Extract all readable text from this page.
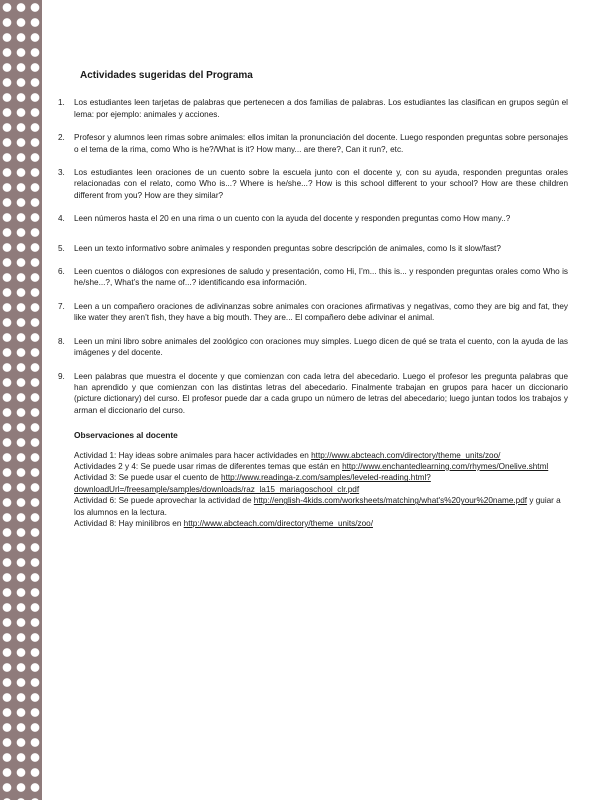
Actividades sugeridas del Programa
1.	Los estudiantes leen tarjetas de palabras que pertenecen a dos familias de palabras. Los estudiantes las clasifican en grupos según el lema: por ejemplo: animales y acciones.
2.	Profesor y alumnos leen rimas sobre animales: ellos imitan la pronunciación del docente. Luego responden preguntas sobre personajes o el tema de la rima, como Who is he?/What is it? How many... are there?, Can it run?, etc.
3.	Los estudiantes leen oraciones de un cuento sobre la escuela junto con el docente y, con su ayuda, responden preguntas orales relacionadas con el relato, como Who is...? Where is he/she...? How is this school different to your school? How are these children different from you? How are they similar?
4.	Leen números hasta el 20 en una rima o un cuento con la ayuda del docente y responden preguntas como How many..?
5.	Leen un texto informativo sobre animales y responden preguntas sobre descripción de animales, como Is it slow/fast?
6.	Leen cuentos o diálogos con expresiones de saludo y presentación, como Hi, I’m... this is... y responden preguntas orales como Who is he/she...?, What’s the name of...? identificando esa información.
7.	Leen a un compañero oraciones de adivinanzas sobre animales con oraciones afirmativas y negativas, como they are big and fat, they like water they aren’t fish, they have a big mouth. They are... El compañero debe adivinar el animal.
8.	Leen un mini libro sobre animales del zoológico con oraciones muy simples. Luego dicen de qué se trata el cuento, con la ayuda de las imágenes y del docente.
9.	Leen palabras que muestra el docente y que comienzan con cada letra del abecedario. Luego el profesor les pregunta palabras que han aprendido y que comienzan con las distintas letras del abecedario. Finalmente trabajan en grupos para hacer un diccionario (picture dictionary) del curso. El profesor puede dar a cada grupo un número de letras del abecedario; luego juntan todos los trabajos y arman el diccionario del curso.
Observaciones al docente

Actividad 1: Hay ideas sobre animales para hacer actividades en http://www.abcteach.com/directory/theme_units/zoo/

Actividades 2 y 4: Se puede usar rimas de diferentes temas que están en http://www.enchantedlearning.com/rhymes/Onelive.shtml

Actividad 3: Se puede usar el cuento de http://www.readinga-z.com/samples/leveled-reading.html?downloadUrl=/freesample/samples/downloads/raz_la15_mariagoschool_clr.pdf

Actividad 6: Se puede aprovechar la actividad de http://english-4kids.com/worksheets/matching/what's%20your%20name.pdf y guiar a los alumnos en la lectura.

Actividad 8: Hay minilibros en http://www.abcteach.com/directory/theme_units/zoo/
